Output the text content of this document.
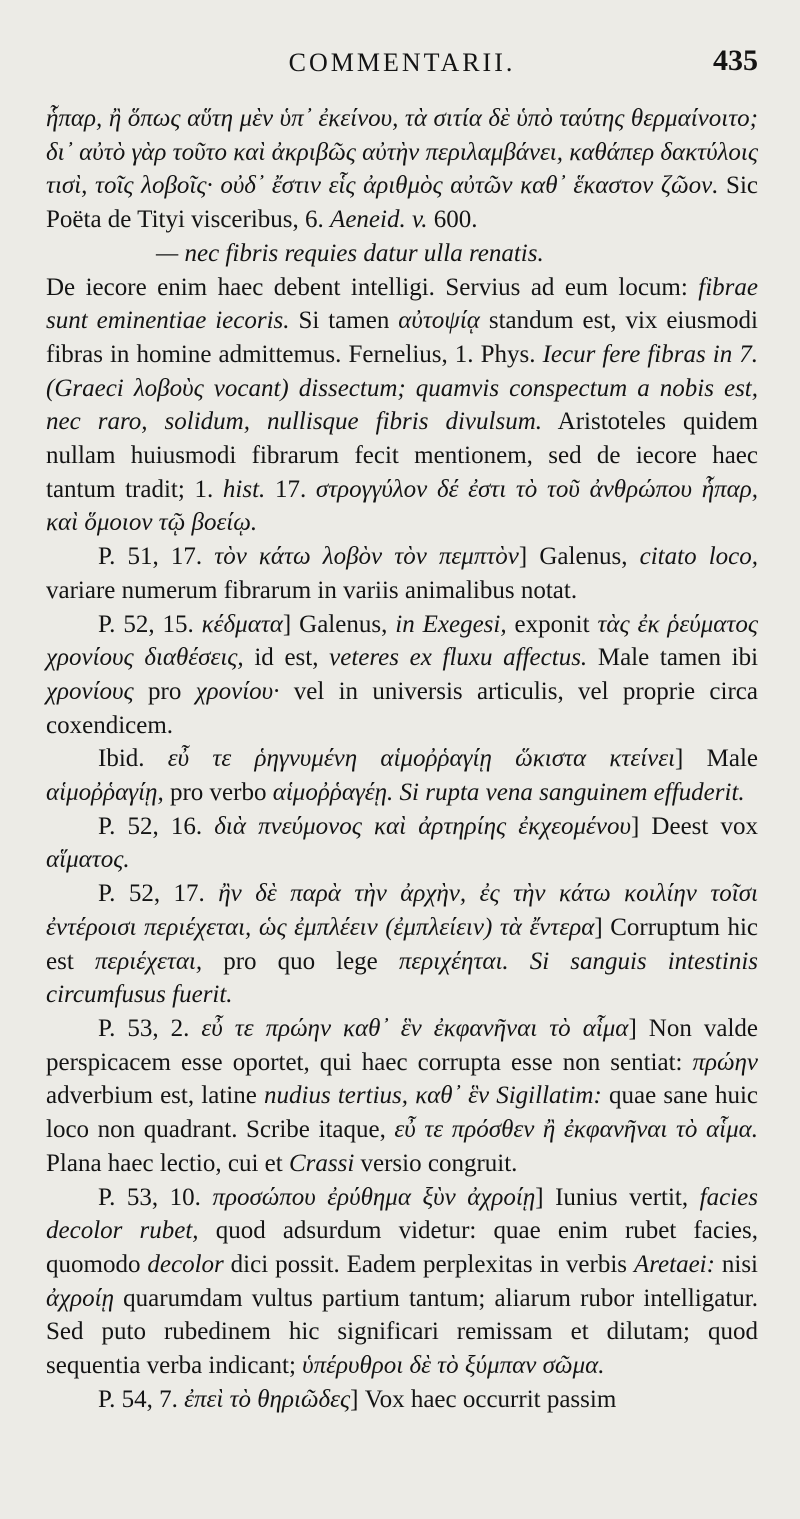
COMMENTARII.	435

ἧπαρ, ἢ ὅπως αὕτη μὲν ὑπ᾽ ἐκείνου, τὰ σιτία δὲ ὑπὸ ταύτης θερμαίνοιτο; δι᾽ αὐτὸ γὰρ τοῦτο καὶ ἀκριβῶς αὐτὴν περιλαμβάνει, καθάπερ δακτύλοις τισὶ, τοῖς λοβοῖς· οὐδ᾽ ἔστιν εἷς ἀριθμὸς αὐτῶν καθ᾽ ἕκαστον ζῶον. Sic Poëta de Tityi visceribus, 6. Aeneid. v. 600.

— nec fibris requies datur ulla renatis.

De iecore enim haec debent intelligi. Servius ad eum locum: fibrae sunt eminentiae iecoris. Si tamen αὐτοψίᾳ standum est, vix eiusmodi fibras in homine admittemus. Fernelius, 1. Phys. Iecur fere fibras in 7. (Graeci λοβοὺς vocant) dissectum; quamvis conspectum a nobis est, nec raro, solidum, nullisque fibris divulsum. Aristoteles quidem nullam huiusmodi fibrarum fecit mentionem, sed de iecore haec tantum tradit; 1. hist. 17. στρογγύλον δέ ἐστι τὸ τοῦ ἀνθρώπου ἧπαρ, καὶ ὅμοιον τῷ βοείῳ.

P. 51, 17. τὸν κάτω λοβὸν τὸν πεμπτὸν] Galenus, citato loco, variare numerum fibrarum in variis animalibus notat.

P. 52, 15. κέδματα] Galenus, in Exegesi, exponit τὰς ἐκ ῥεύματος χρονίους διαθέσεις, id est, veteres ex fluxu affectus. Male tamen ibi χρονίους pro χρονίου· vel in universis articulis, vel proprie circa coxendicem.

Ibid. εὖ τε ῥηγνυμένη αἱμοῤῥαγίῃ ὥκιστα κτείνει] Male αἱμοῤῥαγίῃ, pro verbo αἱμοῤῥαγέῃ. Si rupta vena sanguinem effuderit.

P. 52, 16. διὰ πνεύμονος καὶ ἀρτηρίης ἐκχεομένου] Deest vox αἵματος.

P. 52, 17. ἢν δὲ παρὰ τὴν ἀρχὴν, ἐς τὴν κάτω κοιλίην τοῖσι ἐντέροισι περιέχεται, ὡς ἐμπλέειν (ἐμπλείειν) τὰ ἔντερα] Corruptum hic est περιέχεται, pro quo lege περιχέηται. Si sanguis intestinis circumfusus fuerit.

P. 53, 2. εὖ τε πρώην καθ᾽ ἓν ἐκφανῆναι τὸ αἷμα] Non valde perspicacem esse oportet, qui haec corrupta esse non sentiat: πρώην adverbium est, latine nudius tertius, καθ᾽ ἓν Sigillatim: quae sane huic loco non quadrant. Scribe itaque, εὖ τε πρόσθεν ἢ ἐκφανῆναι τὸ αἷμα. Plana haec lectio, cui et Crassi versio congruit.

P. 53, 10. προσώπου ἐρύθημα ξὺν ἀχροίῃ] Iunius vertit, facies decolor rubet, quod adsurdum videtur: quae enim rubet facies, quomodo decolor dici possit. Eadem perplexitas in verbis Aretaei: nisi ἀχροίῃ quarumdam vultus partium tantum; aliarum rubor intelligatur. Sed puto rubedinem hic significari remissam et dilutam; quod sequentia verba indicant; ὑπέρυθροι δὲ τὸ ξύμπαν σῶμα.

P. 54, 7. ἐπεὶ τὸ θηριῶδες] Vox haec occurrit passim
